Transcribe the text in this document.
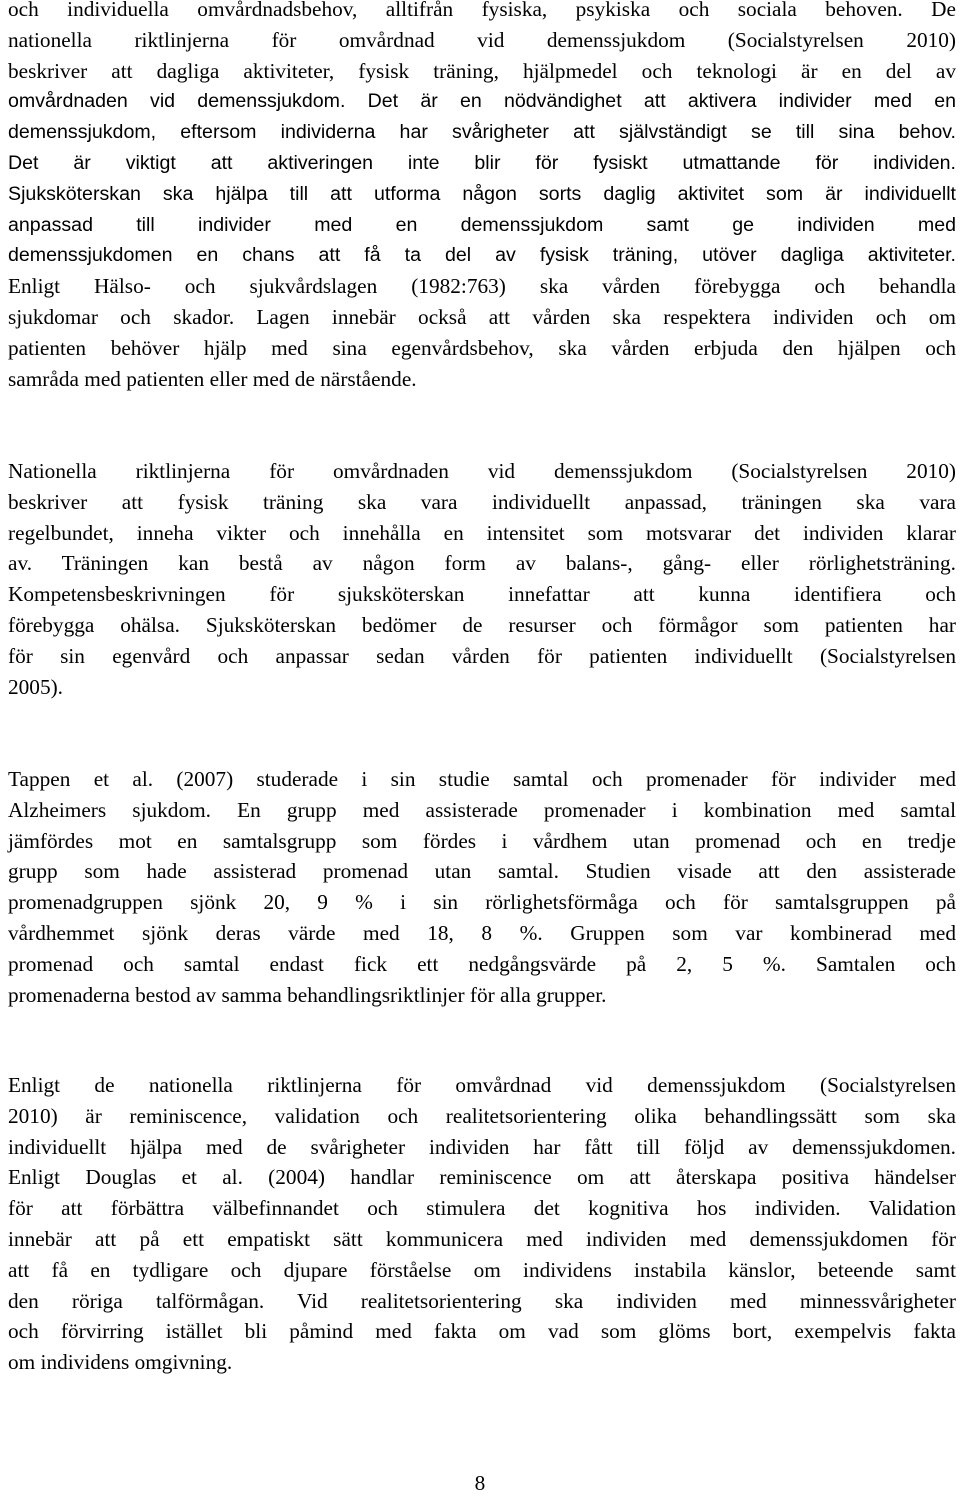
och individuella omvårdnadsbehov, alltifrån fysiska, psykiska och sociala behoven. De
nationella riktlinjerna för omvårdnad vid demenssjukdom (Socialstyrelsen 2010)
beskriver att dagliga aktiviteter, fysisk träning, hjälpmedel och teknologi är en del av
omvårdnaden vid demenssjukdom. Det är en nödvändighet att aktivera individer med en
demenssjukdom, eftersom individerna har svårigheter att självständigt se till sina behov.
Det är viktigt att aktiveringen inte blir för fysiskt utmattande för individen.
Sjuksköterskan ska hjälpa till att utforma någon sorts daglig aktivitet som är individuellt
anpassad till individer med en demenssjukdom samt ge individen med
demenssjukdomen en chans att få ta del av fysisk träning, utöver dagliga aktiviteter.
Enligt Hälso- och sjukvårdslagen (1982:763) ska vården förebygga och behandla
sjukdomar och skador. Lagen innebär också att vården ska respektera individen och om
patienten behöver hjälp med sina egenvårdsbehov, ska vården erbjuda den hjälpen och
samråda med patienten eller med de närstående.
Nationella riktlinjerna för omvårdnaden vid demenssjukdom (Socialstyrelsen 2010)
beskriver att fysisk träning ska vara individuellt anpassad, träningen ska vara
regelbundet, inneha vikter och innehålla en intensitet som motsvarar det individen klarar
av. Träningen kan bestå av någon form av balans-, gång- eller rörlighetsträning.
Kompetensbeskrivningen för sjuksköterskan innefattar att kunna identifiera och
förebygga ohälsa. Sjuksköterskan bedömer de resurser och förmågor som patienten har
för sin egenvård och anpassar sedan vården för patienten individuellt (Socialstyrelsen
2005).
Tappen et al. (2007) studerade i sin studie samtal och promenader för individer med
Alzheimers sjukdom. En grupp med assisterade promenader i kombination med samtal
jämfördes mot en samtalsgrupp som fördes i vårdhem utan promenad och en tredje
grupp som hade assisterad promenad utan samtal. Studien visade att den assisterade
promenadgruppen sjönk 20, 9 % i sin rörlighetsförmåga och för samtalsgruppen på
vårdhemmet sjönk deras värde med 18, 8 %. Gruppen som var kombinerad med
promenad och samtal endast fick ett nedgångsvärde på 2, 5 %. Samtalen och
promenaderna bestod av samma behandlingsriktlinjer för alla grupper.
Enligt de nationella riktlinjerna för omvårdnad vid demenssjukdom (Socialstyrelsen
2010) är reminiscence, validation och realitetsorientering olika behandlingssätt som ska
individuellt hjälpa med de svårigheter individen har fått till följd av demenssjukdomen.
Enligt Douglas et al. (2004) handlar reminiscence om att återskapa positiva händelser
för att förbättra välbefinnandet och stimulera det kognitiva hos individen. Validation
innebär att på ett empatiskt sätt kommunicera med individen med demenssjukdomen för
att få en tydligare och djupare förståelse om individens instabila känslor, beteende samt
den röriga talförmågan. Vid realitetsorientering ska individen med minnessvårigheter
och förvirring istället bli påmind med fakta om vad som glöms bort, exempelvis fakta
om individens omgivning.
8
